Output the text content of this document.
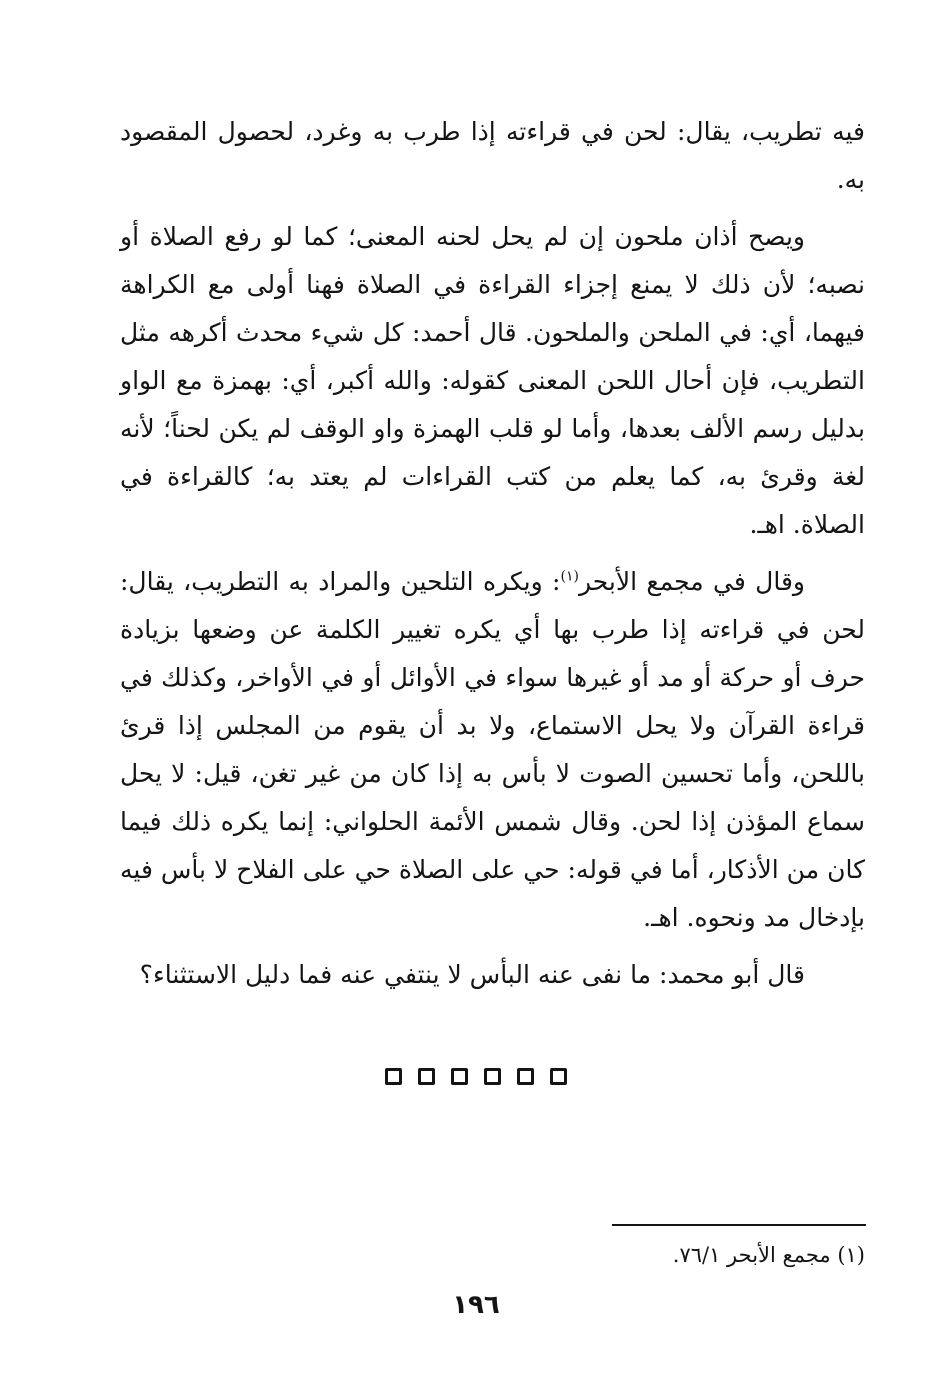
فيه تطريب، يقال: لحن في قراءته إذا طرب به وغرد، لحصول المقصود به.

ويصح أذان ملحون إن لم يحل لحنه المعنى؛ كما لو رفع الصلاة أو نصبه؛ لأن ذلك لا يمنع إجزاء القراءة في الصلاة فهنا أولى مع الكراهة فيهما، أي: في الملحن والملحون. قال أحمد: كل شيء محدث أكرهه مثل التطريب، فإن أحال اللحن المعنى كقوله: والله أكبر، أي: بهمزة مع الواو بدليل رسم الألف بعدها، وأما لو قلب الهمزة واو الوقف لم يكن لحناً؛ لأنه لغة وقرئ به، كما يعلم من كتب القراءات لم يعتد به؛ كالقراءة في الصلاة. اهـ.

وقال في مجمع الأبحر$^{(١)}$: ويكره التلحين والمراد به التطريب، يقال: لحن في قراءته إذا طرب بها أي يكره تغيير الكلمة عن وضعها بزيادة حرف أو حركة أو مد أو غيرها سواء في الأوائل أو في الأواخر، وكذلك في قراءة القرآن ولا يحل الاستماع، ولا بد أن يقوم من المجلس إذا قرئ باللحن، وأما تحسين الصوت لا بأس به إذا كان من غير تغن، قيل: لا يحل سماع المؤذن إذا لحن. وقال شمس الأئمة الحلواني: إنما يكره ذلك فيما كان من الأذكار، أما في قوله: حي على الصلاة حي على الفلاح لا بأس فيه بإدخال مد ونحوه. اهـ.

قال أبو محمد: ما نفى عنه البأس لا ينتفي عنه فما دليل الاستثناء؟

(١) مجمع الأبحر ٧٦/١.
١٩٦
